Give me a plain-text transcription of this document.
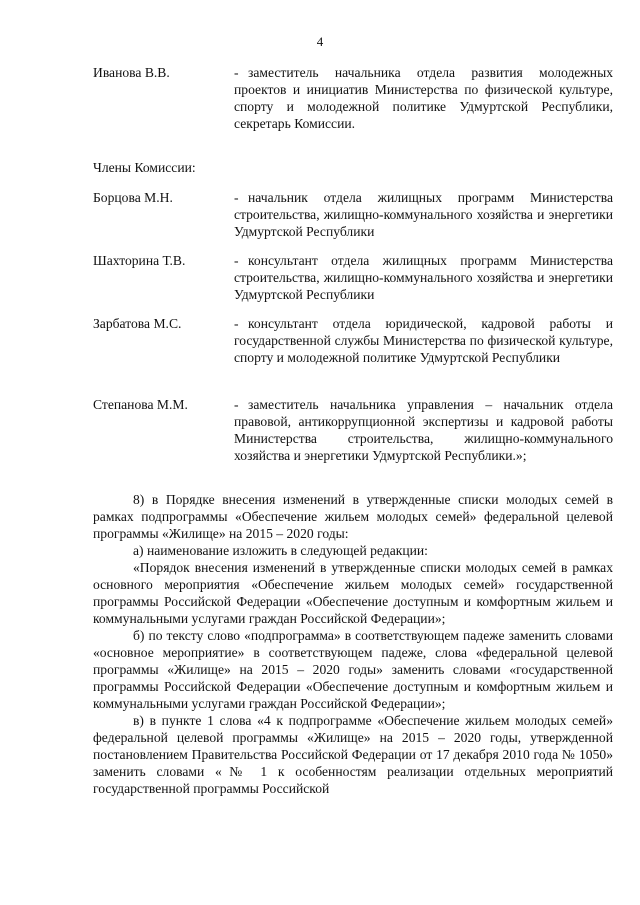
4
Иванова В.В.	- заместитель начальника отдела развития молодежных проектов и инициатив Министерства по физической культуре, спорту и молодежной политике Удмуртской Республики, секретарь Комиссии.
Члены Комиссии:
Борцова М.Н.	- начальник отдела жилищных программ Министерства строительства, жилищно-коммунального хозяйства и энергетики Удмуртской Республики
Шахторина Т.В.	- консультант отдела жилищных программ Министерства строительства, жилищно-коммунального хозяйства и энергетики Удмуртской Республики
Зарбатова М.С.	- консультант отдела юридической, кадровой работы и государственной службы Министерства по физической культуре, спорту и молодежной политике Удмуртской Республики
Степанова М.М.	- заместитель начальника управления – начальник отдела правовой, антикоррупционной экспертизы и кадровой работы Министерства строительства, жилищно-коммунального хозяйства и энергетики Удмуртской Республики.»;

8) в Порядке внесения изменений в утвержденные списки молодых семей в рамках подпрограммы «Обеспечение жильем молодых семей» федеральной целевой программы «Жилище» на 2015 – 2020 годы:

а) наименование изложить в следующей редакции:

«Порядок внесения изменений в утвержденные списки молодых семей в рамках основного мероприятия «Обеспечение жильем молодых семей» государственной программы Российской Федерации «Обеспечение доступным и комфортным жильем и коммунальными услугами граждан Российской Федерации»;

б) по тексту слово «подпрограмма» в соответствующем падеже заменить словами «основное мероприятие» в соответствующем падеже, слова «федеральной целевой программы «Жилище» на 2015 – 2020 годы» заменить словами «государственной программы Российской Федерации «Обеспечение доступным и комфортным жильем и коммунальными услугами граждан Российской Федерации»;

в) в пункте 1 слова «4 к подпрограмме «Обеспечение жильем молодых семей» федеральной целевой программы «Жилище» на 2015 – 2020 годы, утвержденной постановлением Правительства Российской Федерации от 17 декабря 2010 года № 1050» заменить словами «№ 1 к особенностям реализации отдельных мероприятий государственной программы Российской
